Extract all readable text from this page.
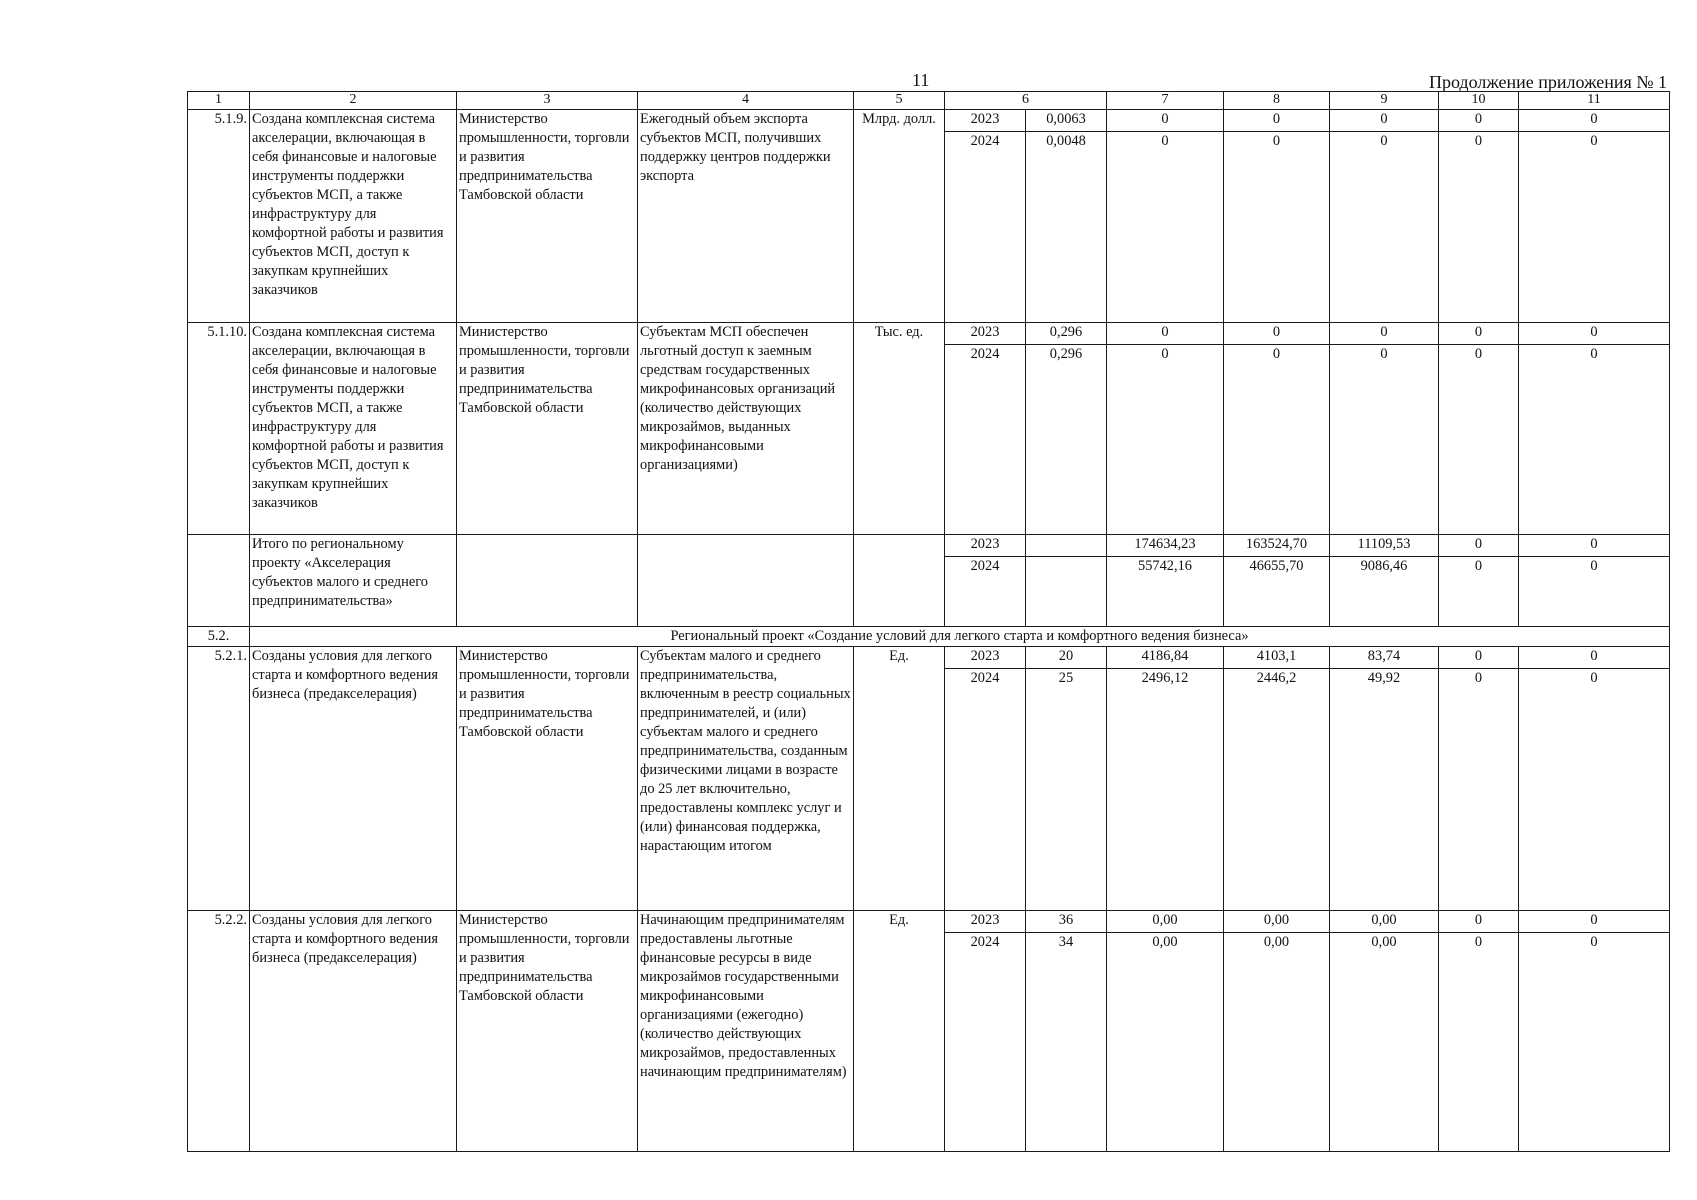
11	Продолжение приложения № 1
1	2	3	4	5	6		7	8	9	10	11
5.1.9.	Создана комплексная система акселерации, включающая в себя финансовые и налоговые инструменты поддержки субъектов МСП, а также инфраструктуру для комфортной работы и развития субъектов МСП, доступ к закупкам крупнейших заказчиков	Министерство промышленности, торговли и развития предпринимательства Тамбовской области	Ежегодный объем экспорта субъектов МСП, получивших поддержку центров поддержки экспорта	Млрд. долл.	2023	0,0063	0	0	0	0	0
					2024	0,0048	0	0	0	0	0
5.1.10.	Создана комплексная система акселерации, включающая в себя финансовые и налоговые инструменты поддержки субъектов МСП, а также инфраструктуру для комфортной работы и развития субъектов МСП, доступ к закупкам крупнейших заказчиков	Министерство промышленности, торговли и развития предпринимательства Тамбовской области	Субъектам МСП обеспечен льготный доступ к заемным средствам государственных микрофинансовых организаций (количество действующих микрозаймов, выданных микрофинансовыми организациями)	Тыс. ед.	2023	0,296	0	0	0	0	0
					2024	0,296	0	0	0	0	0
	Итого по региональному проекту «Акселерация субъектов малого и среднего предпринимательства»				2023		174634,23	163524,70	11109,53	0	0
					2024		55742,16	46655,70	9086,46	0	0
5.2.	Региональный проект «Создание условий для легкого старта и комфортного ведения бизнеса»										
5.2.1.	Созданы условия для легкого старта и комфортного ведения бизнеса (предакселерация)	Министерство промышленности, торговли и развития предпринимательства Тамбовской области	Субъектам малого и среднего предпринимательства, включенным в реестр социальных предпринимателей, и (или) субъектам малого и среднего предпринимательства, созданным физическими лицами в возрасте до 25 лет включительно, предоставлены комплекс услуг и (или) финансовая поддержка, нарастающим итогом	Ед.	2023	20	4186,84	4103,1	83,74	0	0
					2024	25	2496,12	2446,2	49,92	0	0
5.2.2.	Созданы условия для легкого старта и комфортного ведения бизнеса (предакселерация)	Министерство промышленности, торговли и развития предпринимательства Тамбовской области	Начинающим предпринимателям предоставлены льготные финансовые ресурсы в виде микрозаймов государственными микрофинансовыми организациями (ежегодно) (количество действующих микрозаймов, предоставленных начинающим предпринимателям)	Ед.	2023	36	0,00	0,00	0,00	0	0
					2024	34	0,00	0,00	0,00	0	0
